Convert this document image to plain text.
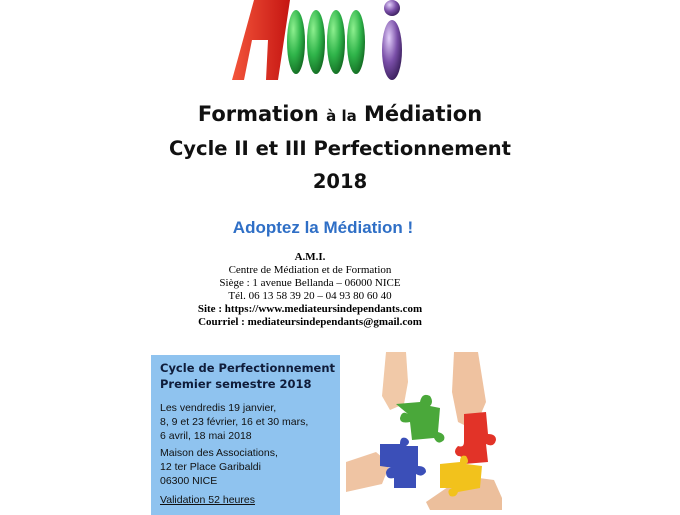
Formation à la Médiation
Cycle II et III Perfectionnement
2018
Adoptez la Médiation !
A.M.I.
Centre de Médiation et de Formation
Siège : 1 avenue Bellanda – 06000 NICE
Tél. 06 13 58 39 20 – 04 93 80 60 40
Site : https://www.mediateursindependants.com
Courriel : mediateursindependants@gmail.com
Cycle de Perfectionnement
Premier semestre 2018
Les vendredis 19 janvier,
8, 9 et 23 février, 16 et 30 mars,
6 avril, 18 mai 2018
Maison des Associations,
12 ter Place Garibaldi
06300 NICE
Validation 52 heures
